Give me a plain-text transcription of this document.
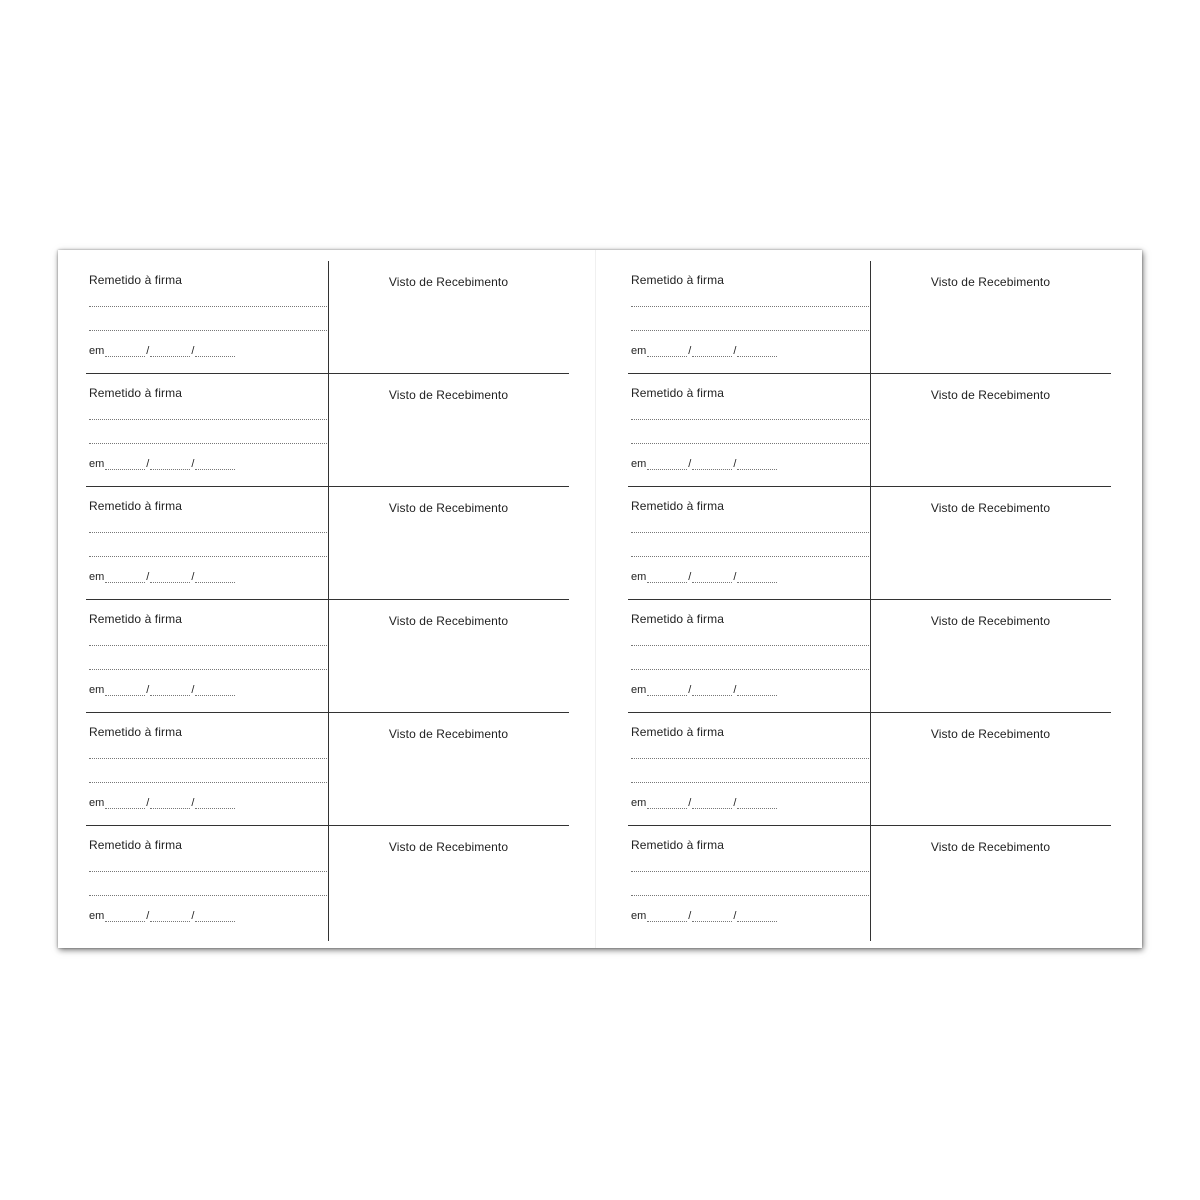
Remetido à firma
em	/	/
Visto de Recebimento
Remetido à firma
em	/	/
Visto de Recebimento
Remetido à firma
em	/	/
Visto de Recebimento
Remetido à firma
em	/	/
Visto de Recebimento
Remetido à firma
em	/	/
Visto de Recebimento
Remetido à firma
em	/	/
Visto de Recebimento
Remetido à firma
em	/	/
Visto de Recebimento
Remetido à firma
em	/	/
Visto de Recebimento
Remetido à firma
em	/	/
Visto de Recebimento
Remetido à firma
em	/	/
Visto de Recebimento
Remetido à firma
em	/	/
Visto de Recebimento
Remetido à firma
em	/	/
Visto de Recebimento
